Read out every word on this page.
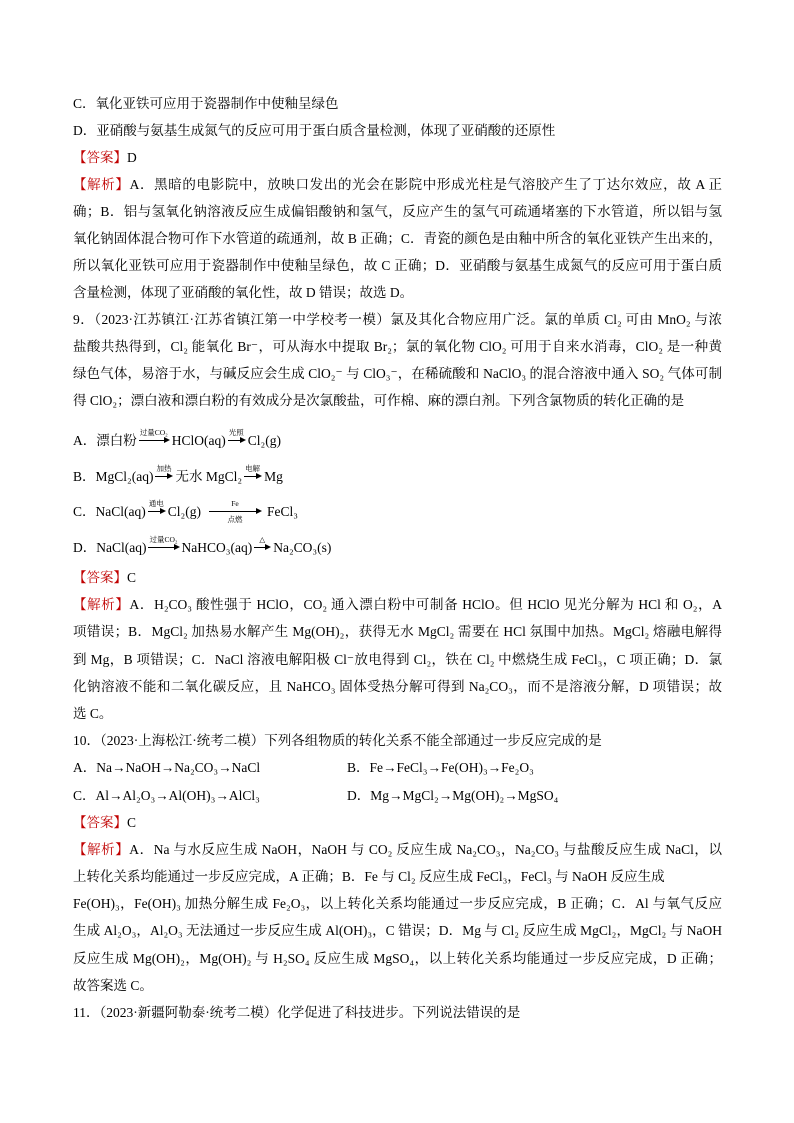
C．氧化亚铁可应用于瓷器制作中使釉呈绿色
D．亚硝酸与氨基生成氮气的反应可用于蛋白质含量检测，体现了亚硝酸的还原性
【答案】D
【解析】A．黑暗的电影院中，放映口发出的光会在影院中形成光柱是气溶胶产生了丁达尔效应，故 A 正
确；B．铝与氢氧化钠溶液反应生成偏铝酸钠和氢气，反应产生的氢气可疏通堵塞的下水管道，所以铝与氢
氧化钠固体混合物可作下水管道的疏通剂，故 B 正确；C．青瓷的颜色是由釉中所含的氧化亚铁产生出来的，
所以氧化亚铁可应用于瓷器制作中使釉呈绿色，故 C 正确；D．亚硝酸与氨基生成氮气的反应可用于蛋白质
含量检测，体现了亚硝酸的氧化性，故 D 错误；故选 D。
9．（2023·江苏镇江·江苏省镇江第一中学校考一模）氯及其化合物应用广泛。氯的单质 Cl₂ 可由 MnO₂ 与浓
盐酸共热得到，Cl₂ 能氧化 Br⁻，可从海水中提取 Br₂；氯的氧化物 ClO₂ 可用于自来水消毒，ClO₂ 是一种黄
绿色气体，易溶于水，与碱反应会生成 ClO₂⁻ 与 ClO₃⁻，在稀硫酸和 NaClO₃ 的混合溶液中通入 SO₂ 气体可制
得 ClO₂；漂白液和漂白粉的有效成分是次氯酸盐，可作棉、麻的漂白剂。下列含氯物质的转化正确的是
A．漂白粉
过量CO₂
HClO(aq)
光照
Cl₂(g)
B．MgCl₂(aq)
加热
无水 MgCl₂
电解
Mg
C．NaCl(aq)
通电
Cl₂(g)
Fe
点燃
FeCl₃
D．NaCl(aq)
过量CO₂
NaHCO₃(aq)
△
Na₂CO₃(s)
【答案】C
【解析】A．H₂CO₃ 酸性强于 HClO，CO₂ 通入漂白粉中可制备 HClO。但 HClO 见光分解为 HCl 和 O₂，A
项错误；B．MgCl₂ 加热易水解产生 Mg(OH)₂，获得无水 MgCl₂ 需要在 HCl 氛围中加热。MgCl₂ 熔融电解得
到 Mg，B 项错误；C．NaCl 溶液电解阳极 Cl⁻放电得到 Cl₂，铁在 Cl₂ 中燃烧生成 FeCl₃，C 项正确；D．氯
化钠溶液不能和二氧化碳反应，且 NaHCO₃ 固体受热分解可得到 Na₂CO₃，而不是溶液分解，D 项错误；故
选 C。
10．（2023·上海松江·统考二模）下列各组物质的转化关系不能全部通过一步反应完成的是
A．Na→NaOH→Na₂CO₃→NaCl	B．Fe→FeCl₃→Fe(OH)₃→Fe₂O₃
C．Al→Al₂O₃→Al(OH)₃→AlCl₃	D．Mg→MgCl₂→Mg(OH)₂→MgSO₄
【答案】C
【解析】A．Na 与水反应生成 NaOH，NaOH 与 CO₂ 反应生成 Na₂CO₃，Na₂CO₃ 与盐酸反应生成 NaCl，以
上转化关系均能通过一步反应完成，A 正确；B．Fe 与 Cl₂ 反应生成 FeCl₃，FeCl₃ 与 NaOH 反应生成
Fe(OH)₃，Fe(OH)₃ 加热分解生成 Fe₂O₃，以上转化关系均能通过一步反应完成，B 正确；C．Al 与氧气反应
生成 Al₂O₃，Al₂O₃ 无法通过一步反应生成 Al(OH)₃，C 错误；D．Mg 与 Cl₂ 反应生成 MgCl₂，MgCl₂ 与 NaOH
反应生成 Mg(OH)₂，Mg(OH)₂ 与 H₂SO₄ 反应生成 MgSO₄，以上转化关系均能通过一步反应完成，D 正确；
故答案选 C。
11．（2023·新疆阿勒泰·统考二模）化学促进了科技进步。下列说法错误的是
